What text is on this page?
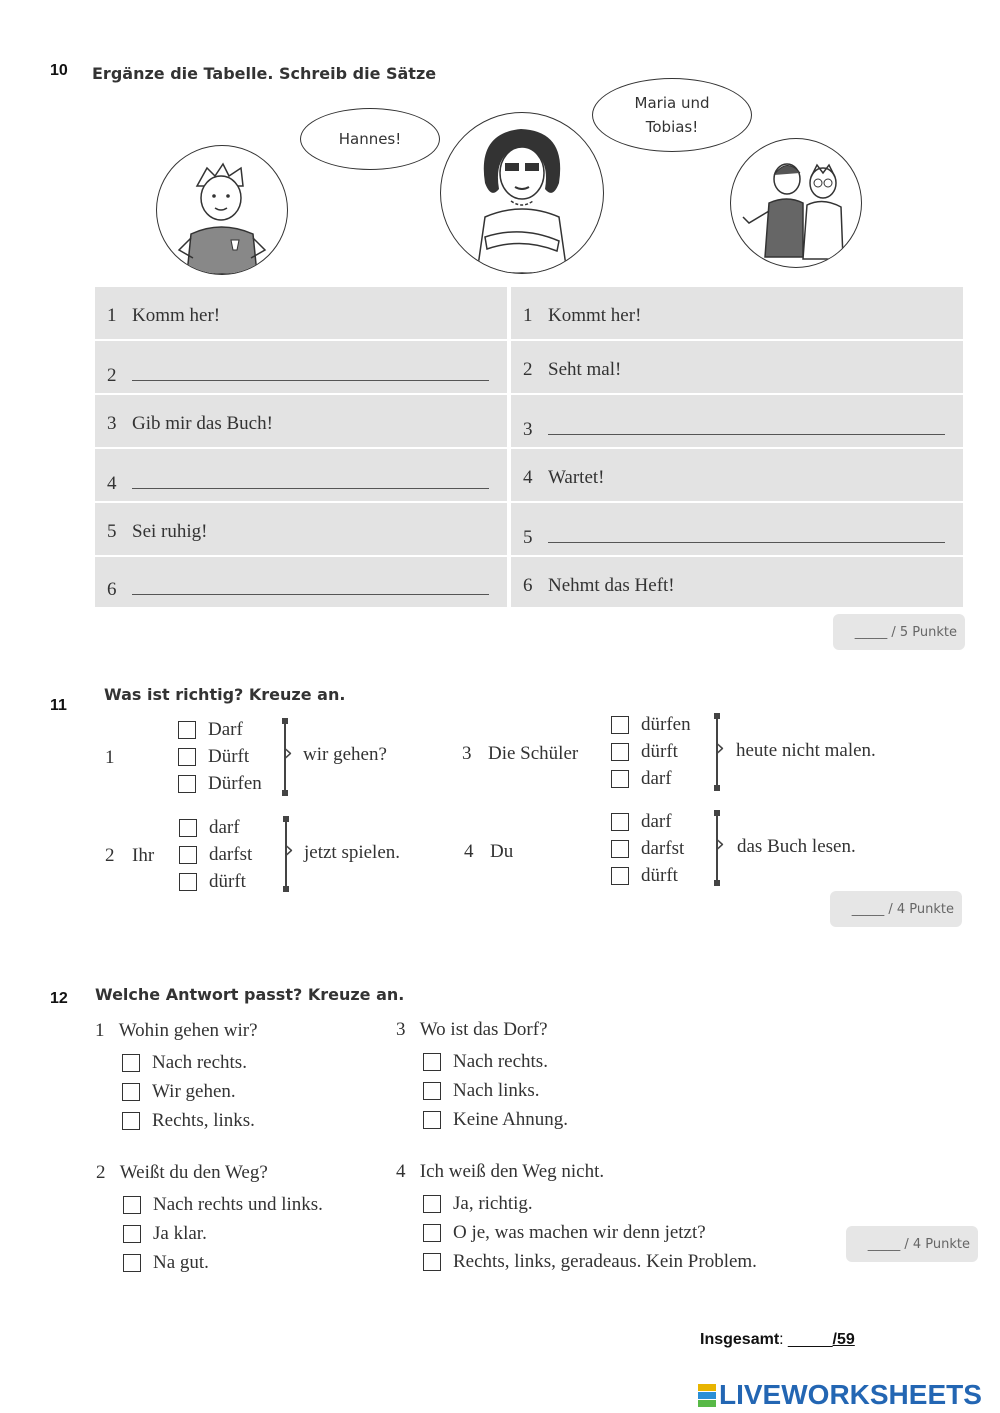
10 Ergänze die Tabelle. Schreib die Sätze
Hannes!
Maria und
Tobias!
1 Komm her!
2
3 Gib mir das Buch!
4
5 Sei ruhig!
6
1 Kommt her!
2 Seht mal!
3
4 Wartet!
5
6 Nehmt das Heft!
_____ / 5 Punkte
11
Was ist richtig? Kreuze an.
1
Darf
Dürft
Dürfen
› wir gehen?
2 Ihr
darf
darfst
dürft
› jetzt spielen.
3 Die Schüler
dürfen
dürft
darf
› heute nicht malen.
4 Du
darf
darfst
dürft
› das Buch lesen.
_____ / 4 Punkte
12 Welche Antwort passt? Kreuze an.
1 Wohin gehen wir?
Nach rechts.
Wir gehen.
Rechts, links.
2 Weißt du den Weg?
Nach rechts und links.
Ja klar.
Na gut.
3 Wo ist das Dorf?
Nach rechts.
Nach links.
Keine Ahnung.
4 Ich weiß den Weg nicht.
Ja, richtig.
O je, was machen wir denn jetzt?
Rechts, links, geradeaus. Kein Problem.
_____ / 4 Punkte
Insgesamt: _____/59
LIVEWORKSHEETS
